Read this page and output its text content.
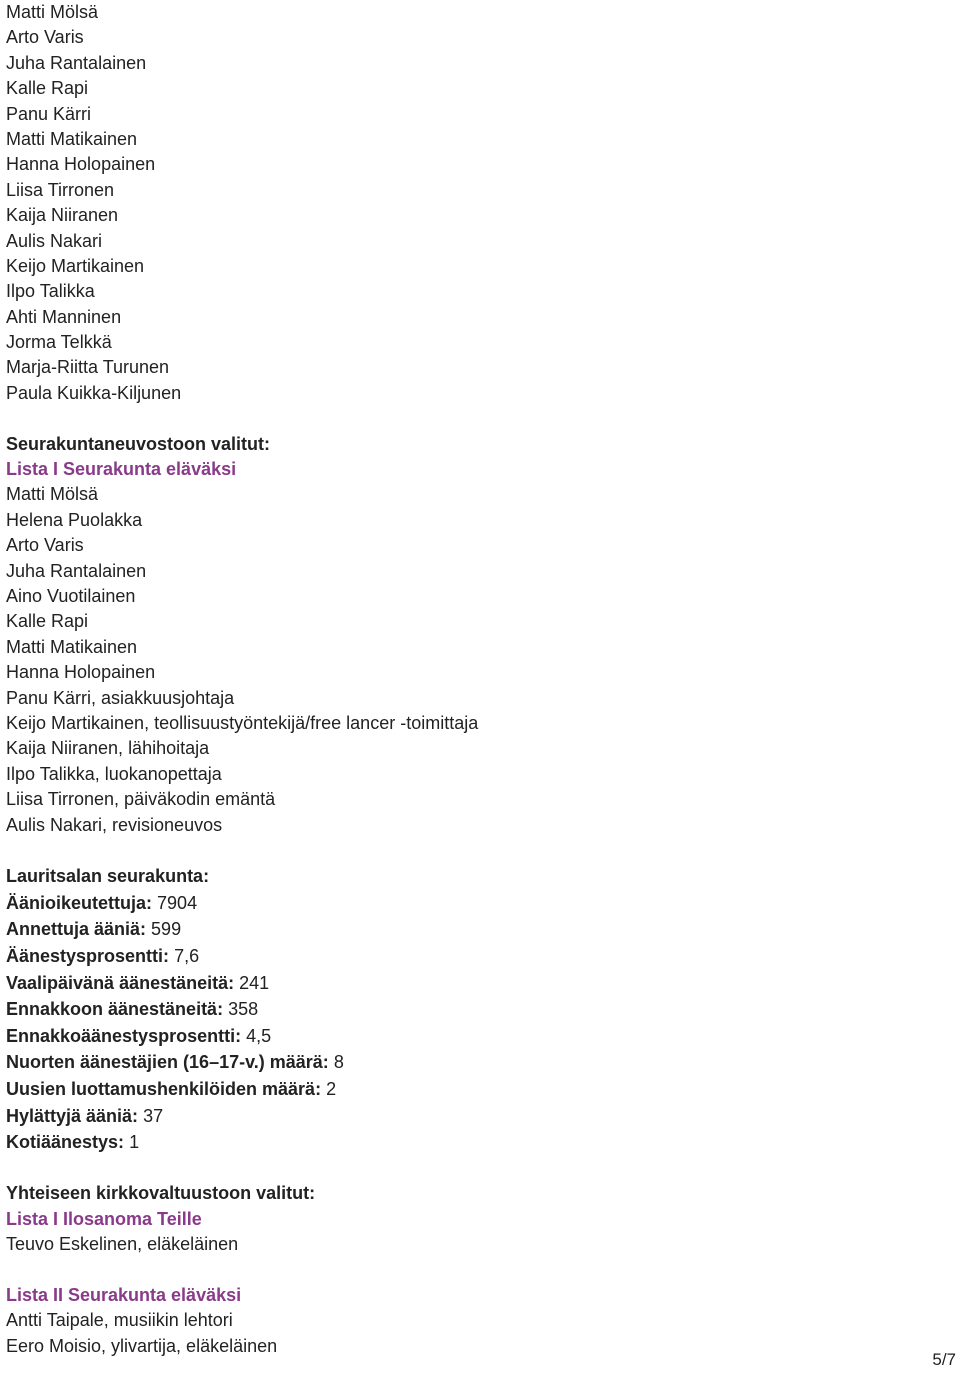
Matti Mölsä
Arto Varis
Juha Rantalainen
Kalle Rapi
Panu Kärri
Matti Matikainen
Hanna Holopainen
Liisa Tirronen
Kaija Niiranen
Aulis Nakari
Keijo Martikainen
Ilpo Talikka
Ahti Manninen
Jorma Telkkä
Marja-Riitta Turunen
Paula Kuikka-Kiljunen
Seurakuntaneuvostoon valitut:
Lista I Seurakunta eläväksi
Matti Mölsä
Helena Puolakka
Arto Varis
Juha Rantalainen
Aino Vuotilainen
Kalle Rapi
Matti Matikainen
Hanna Holopainen
Panu Kärri, asiakkuusjohtaja
Keijo Martikainen, teollisuustyöntekijä/free lancer -toimittaja
Kaija Niiranen, lähihoitaja
Ilpo Talikka, luokanopettaja
Liisa Tirronen, päiväkodin emäntä
Aulis Nakari, revisioneuvos
Lauritsalan seurakunta:
Äänioikeutettuja: 7904
Annettuja ääniä: 599
Äänestysprosentti: 7,6
Vaalipäivänä äänestäneitä: 241
Ennakkoon äänestäneitä: 358
Ennakkoäänestysprosentti: 4,5
Nuorten äänestäjien (16–17-v.) määrä: 8
Uusien luottamushenkilöiden määrä: 2
Hylättyjä ääniä: 37
Kotiäänestys: 1
Yhteiseen kirkkovaltuustoon valitut:
Lista I Ilosanoma Teille
Teuvo Eskelinen, eläkeläinen
Lista II Seurakunta eläväksi
Antti Taipale, musiikin lehtori
Eero Moisio, ylivartija, eläkeläinen
5/7
